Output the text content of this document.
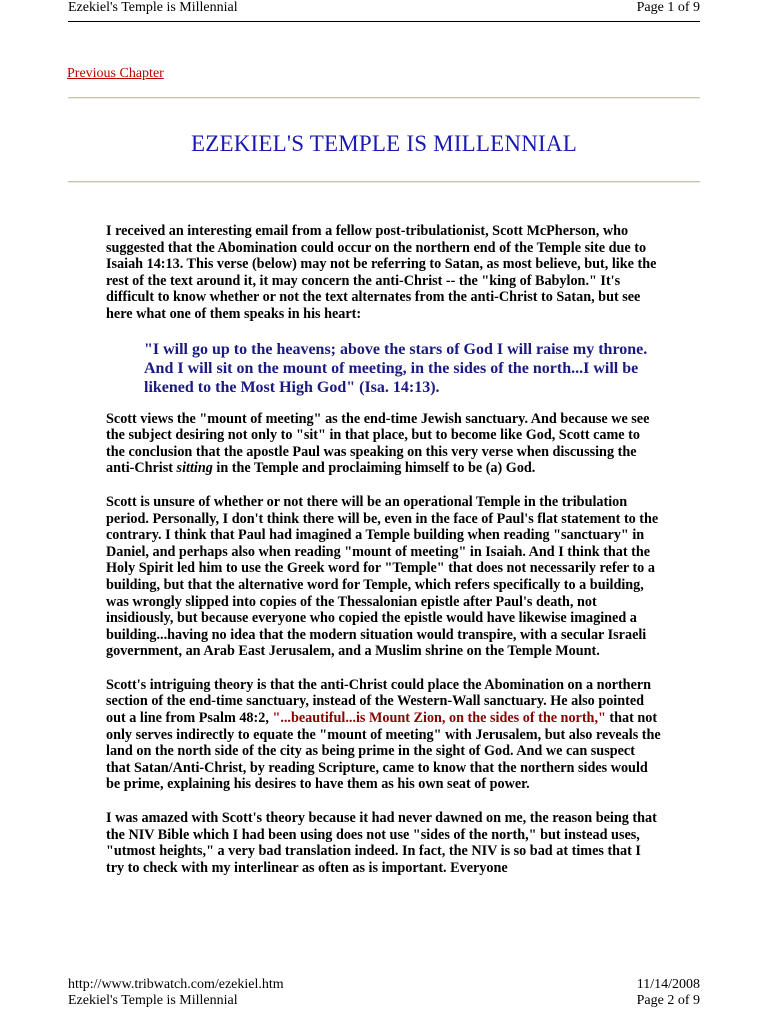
Ezekiel's Temple is Millennial	Page 1 of 9
Previous Chapter
EZEKIEL'S TEMPLE IS MILLENNIAL

I received an interesting email from a fellow post-tribulationist, Scott McPherson, who suggested that the Abomination could occur on the northern end of the Temple site due to Isaiah 14:13. This verse (below) may not be referring to Satan, as most believe, but, like the rest of the text around it, it may concern the anti-Christ -- the "king of Babylon." It's difficult to know whether or not the text alternates from the anti-Christ to Satan, but see here what one of them speaks in his heart:

"I will go up to the heavens; above the stars of God I will raise my throne. And I will sit on the mount of meeting, in the sides of the north...I will be likened to the Most High God" (Isa. 14:13).

Scott views the "mount of meeting" as the end-time Jewish sanctuary. And because we see the subject desiring not only to "sit" in that place, but to become like God, Scott came to the conclusion that the apostle Paul was speaking on this very verse when discussing the anti-Christ sitting in the Temple and proclaiming himself to be (a) God.

Scott is unsure of whether or not there will be an operational Temple in the tribulation period. Personally, I don't think there will be, even in the face of Paul's flat statement to the contrary. I think that Paul had imagined a Temple building when reading "sanctuary" in Daniel, and perhaps also when reading "mount of meeting" in Isaiah. And I think that the Holy Spirit led him to use the Greek word for "Temple" that does not necessarily refer to a building, but that the alternative word for Temple, which refers specifically to a building, was wrongly slipped into copies of the Thessalonian epistle after Paul's death, not insidiously, but because everyone who copied the epistle would have likewise imagined a building...having no idea that the modern situation would transpire, with a secular Israeli government, an Arab East Jerusalem, and a Muslim shrine on the Temple Mount.

Scott's intriguing theory is that the anti-Christ could place the Abomination on a northern section of the end-time sanctuary, instead of the Western-Wall sanctuary. He also pointed out a line from Psalm 48:2, "...beautiful...is Mount Zion, on the sides of the north," that not only serves indirectly to equate the "mount of meeting" with Jerusalem, but also reveals the land on the north side of the city as being prime in the sight of God. And we can suspect that Satan/Anti-Christ, by reading Scripture, came to know that the northern sides would be prime, explaining his desires to have them as his own seat of power.

I was amazed with Scott's theory because it had never dawned on me, the reason being that the NIV Bible which I had been using does not use "sides of the north," but instead uses, "utmost heights," a very bad translation indeed. In fact, the NIV is so bad at times that I try to check with my interlinear as often as is important. Everyone

http://www.tribwatch.com/ezekiel.htm	11/14/2008
Ezekiel's Temple is Millennial	Page 2 of 9
